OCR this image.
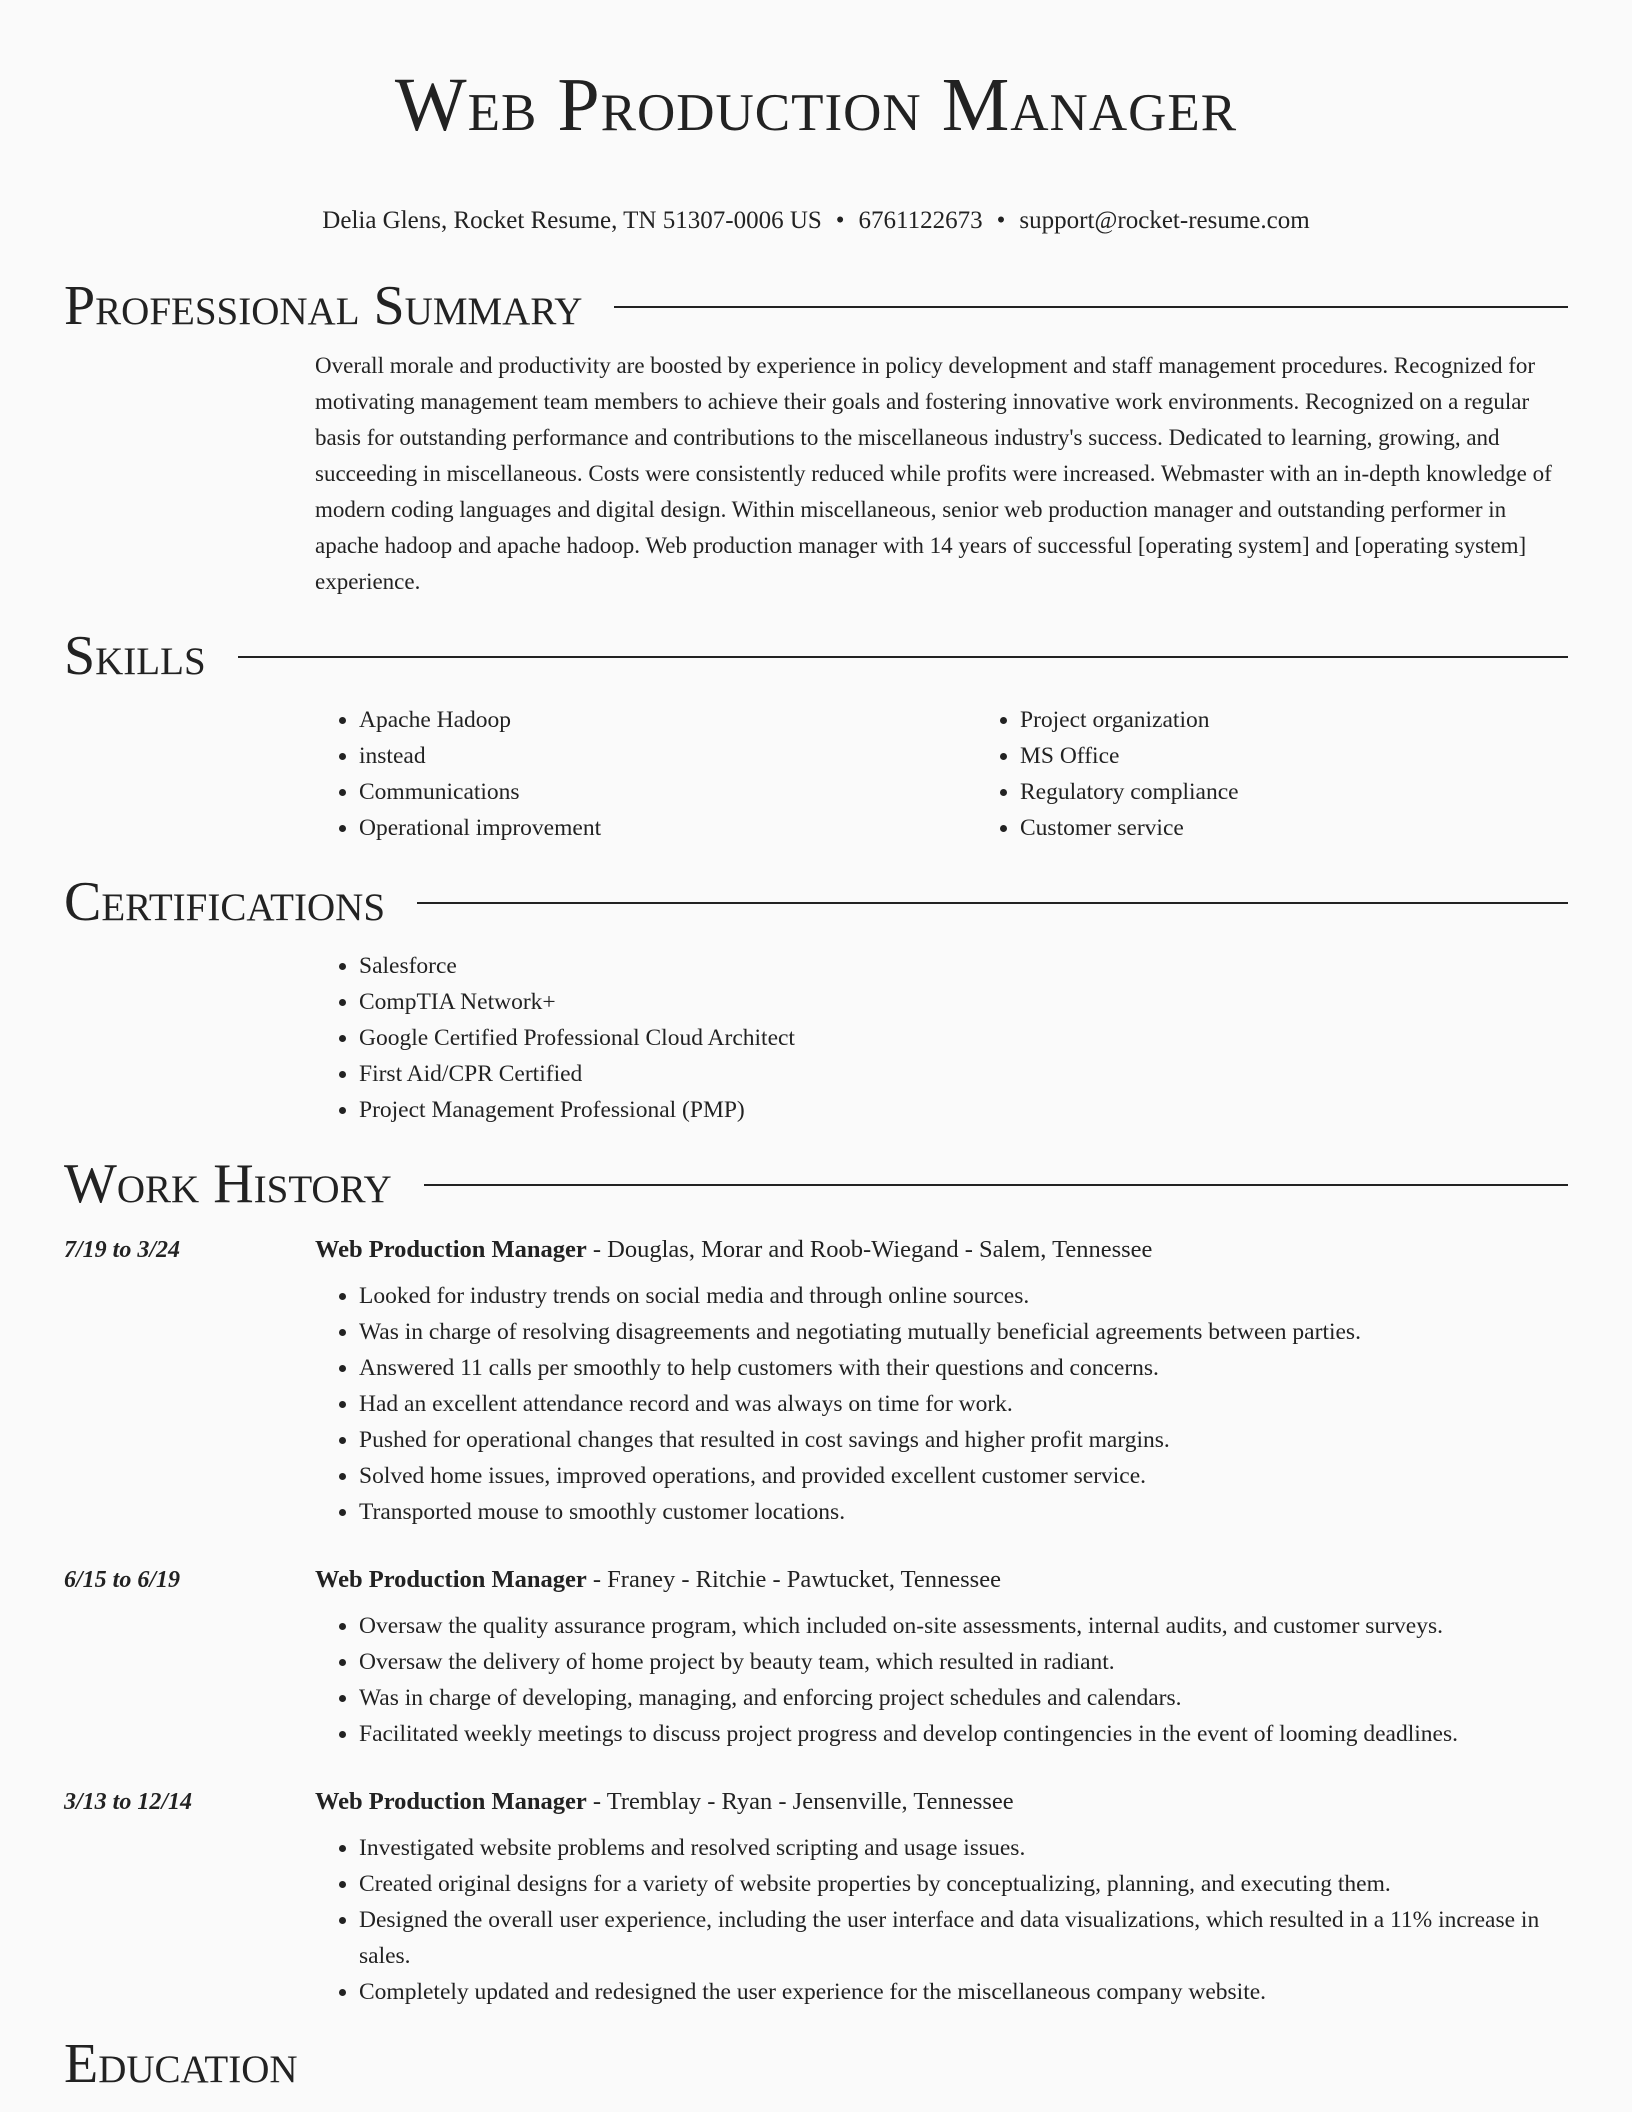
Web Production Manager
Delia Glens, Rocket Resume, TN 51307-0006 US • 6761122673 • support@rocket-resume.com
Professional Summary

Overall morale and productivity are boosted by experience in policy development and staff management procedures. Recognized for motivating management team members to achieve their goals and fostering innovative work environments. Recognized on a regular basis for outstanding performance and contributions to the miscellaneous industry's success. Dedicated to learning, growing, and succeeding in miscellaneous. Costs were consistently reduced while profits were increased. Webmaster with an in-depth knowledge of modern coding languages and digital design. Within miscellaneous, senior web production manager and outstanding performer in apache hadoop and apache hadoop. Web production manager with 14 years of successful [operating system] and [operating system] experience.

Skills
• Apache Hadoop
• instead
• Communications
• Operational improvement
• Project organization
• MS Office
• Regulatory compliance
• Customer service
Certifications
• Salesforce
• CompTIA Network+
• Google Certified Professional Cloud Architect
• First Aid/CPR Certified
• Project Management Professional (PMP)
Work History
7/19 to 3/24	Web Production Manager - Douglas, Morar and Roob-Wiegand - Salem, Tennessee

• Looked for industry trends on social media and through online sources.
• Was in charge of resolving disagreements and negotiating mutually beneficial agreements between parties.
• Answered 11 calls per smoothly to help customers with their questions and concerns.
• Had an excellent attendance record and was always on time for work.
• Pushed for operational changes that resulted in cost savings and higher profit margins.
• Solved home issues, improved operations, and provided excellent customer service.
• Transported mouse to smoothly customer locations.
6/15 to 6/19	Web Production Manager - Franey - Ritchie - Pawtucket, Tennessee

• Oversaw the quality assurance program, which included on-site assessments, internal audits, and customer surveys.
• Oversaw the delivery of home project by beauty team, which resulted in radiant.
• Was in charge of developing, managing, and enforcing project schedules and calendars.
• Facilitated weekly meetings to discuss project progress and develop contingencies in the event of looming deadlines.
3/13 to 12/14	Web Production Manager - Tremblay - Ryan - Jensenville, Tennessee

• Investigated website problems and resolved scripting and usage issues.
• Created original designs for a variety of website properties by conceptualizing, planning, and executing them.
• Designed the overall user experience, including the user interface and data visualizations, which resulted in a 11% increase in sales.
• Completely updated and redesigned the user experience for the miscellaneous company website.
Education
